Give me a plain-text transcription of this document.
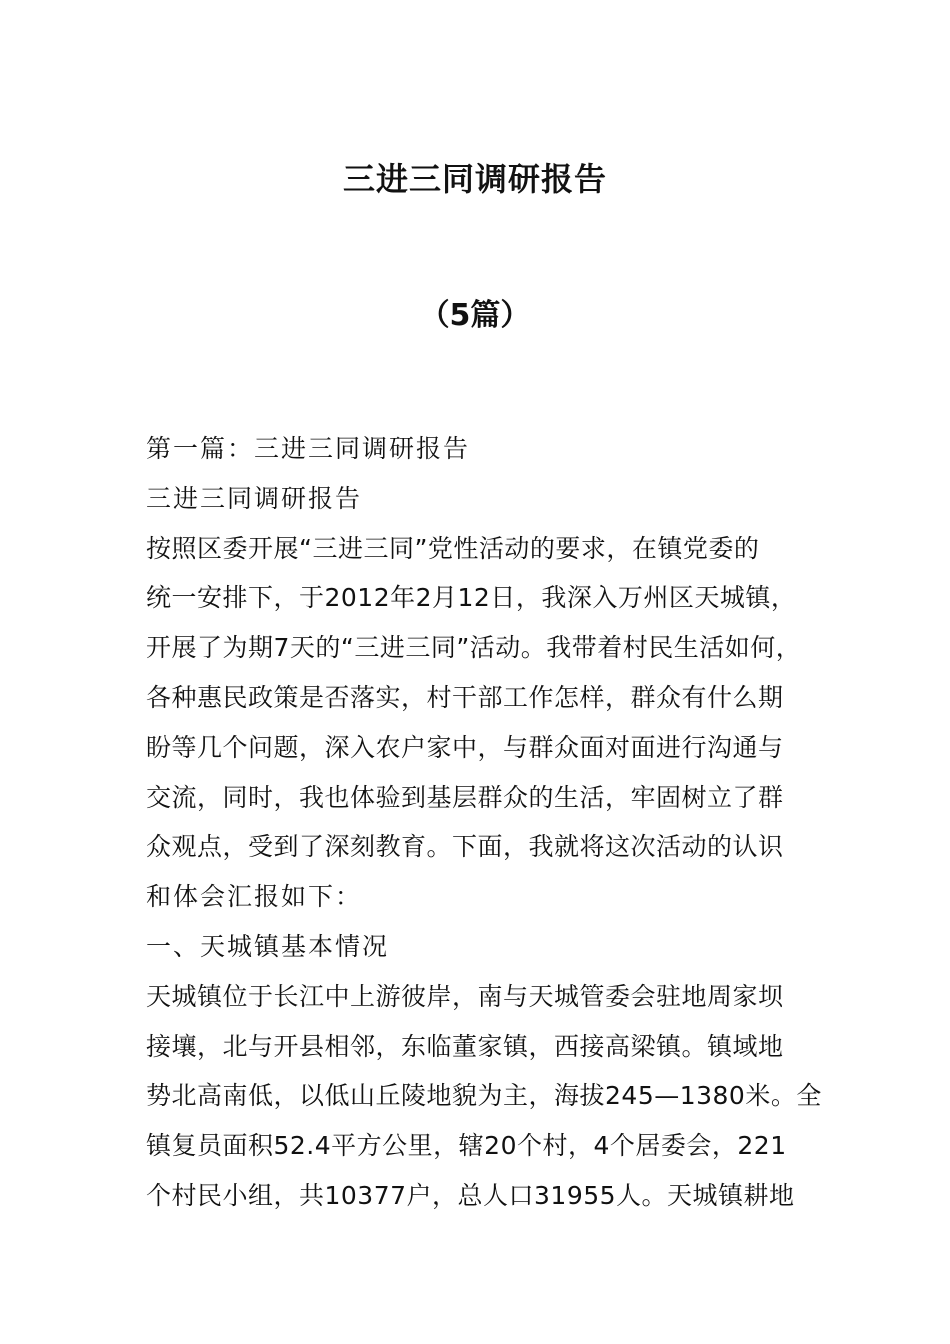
三进三同调研报告
（5篇）
第一篇：三进三同调研报告
三进三同调研报告
按照区委开展“三进三同”党性活动的要求，在镇党委的
统一安排下，于2012年2月12日，我深入万州区天城镇，
开展了为期7天的“三进三同”活动。我带着村民生活如何，
各种惠民政策是否落实，村干部工作怎样，群众有什么期
盼等几个问题，深入农户家中，与群众面对面进行沟通与
交流，同时，我也体验到基层群众的生活，牢固树立了群
众观点，受到了深刻教育。下面，我就将这次活动的认识
和体会汇报如下：
一、天城镇基本情况
天城镇位于长江中上游彼岸，南与天城管委会驻地周家坝
接壤，北与开县相邻，东临董家镇，西接高梁镇。镇域地
势北高南低，以低山丘陵地貌为主，海拔245—1380米。全
镇复员面积52.4平方公里，辖20个村，4个居委会，221
个村民小组，共10377户，总人口31955人。天城镇耕地
